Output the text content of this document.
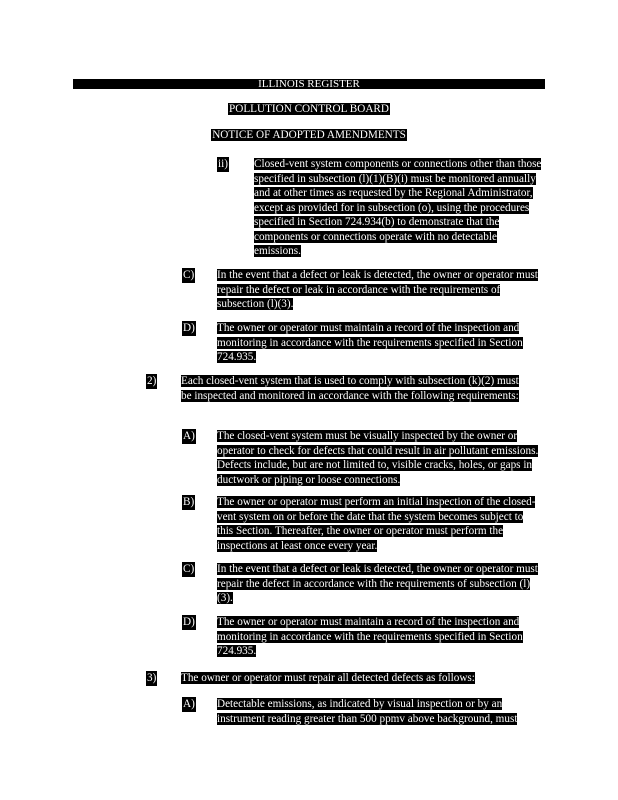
ILLINOIS REGISTER
POLLUTION CONTROL BOARD
NOTICE OF ADOPTED AMENDMENTS
ii) Closed-vent system components or connections other than those specified in subsection (l)(1)(B)(i) must be monitored annually and at other times as requested by the Regional Administrator, except as provided for in subsection (o), using the procedures specified in Section 724.934(b) to demonstrate that the components or connections operate with no detectable emissions.
C) In the event that a defect or leak is detected, the owner or operator must repair the defect or leak in accordance with the requirements of subsection (l)(3).
D) The owner or operator must maintain a record of the inspection and monitoring in accordance with the requirements specified in Section 724.935.
2) Each closed-vent system that is used to comply with subsection (k)(2) must be inspected and monitored in accordance with the following requirements:
A) The closed-vent system must be visually inspected by the owner or operator to check for defects that could result in air pollutant emissions. Defects include, but are not limited to, visible cracks, holes, or gaps in ductwork or piping or loose connections.
B) The owner or operator must perform an initial inspection of the closed-vent system on or before the date that the system becomes subject to this Section. Thereafter, the owner or operator must perform the inspections at least once every year.
C) In the event that a defect or leak is detected, the owner or operator must repair the defect in accordance with the requirements of subsection (l)(3).
D) The owner or operator must maintain a record of the inspection and monitoring in accordance with the requirements specified in Section 724.935.
3) The owner or operator must repair all detected defects as follows:
A) Detectable emissions, as indicated by visual inspection or by an instrument reading greater than 500 ppmv above background, must
